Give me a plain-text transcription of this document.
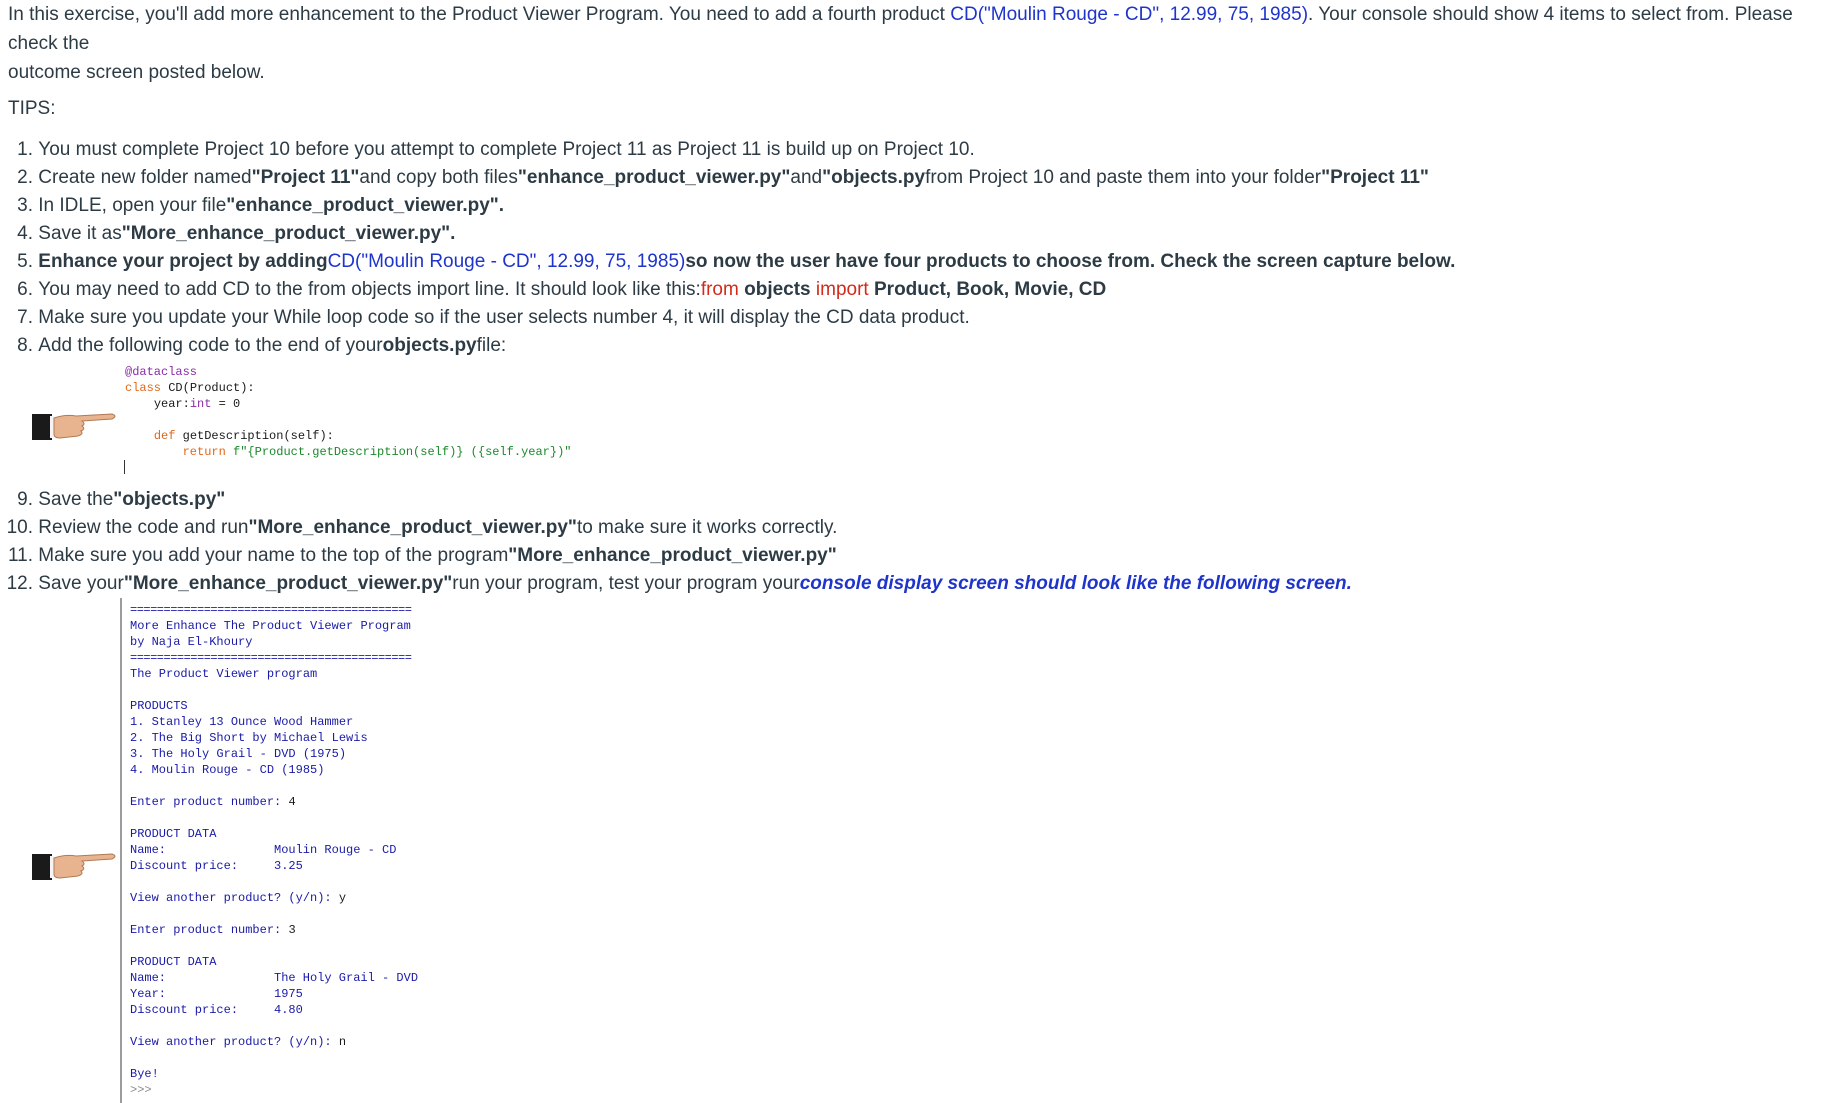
In this exercise, you'll add more enhancement to the Product Viewer Program. You need to add a fourth product CD("Moulin Rouge - CD", 12.99, 75, 1985). Your console should show 4 items to select from. Please check the
outcome screen posted below.

TIPS:

1.
You must complete Project 10 before you attempt to complete Project 11 as Project 11 is build up on Project 10.
2.
Create new folder named "Project 11" and copy both files "enhance_product_viewer.py" and "objects.py from Project 10 and paste them into your folder "Project 11"
3.
In IDLE, open your file "enhance_product_viewer.py".
4.
Save it as "More_enhance_product_viewer.py".
5.
Enhance your project by adding CD("Moulin Rouge - CD", 12.99, 75, 1985) so now the user have four products to choose from. Check the screen capture below.
6.
You may need to add CD to the from objects import line. It should look like this: from
objects
import
Product, Book, Movie, CD
7.
Make sure you update your While loop code so if the user selects number 4, it will display the CD data product.
8.
Add the following code to the end of your objects.py file:
@dataclass
class CD(Product):
year:int = 0

def getDescription(self):
return f"{Product.getDescription(self)} ({self.year})"
9.
Save the "objects.py"
10.
Review the code and run "More_enhance_product_viewer.py" to make sure it works correctly.
11.
Make sure you add your name to the top of the program "More_enhance_product_viewer.py"
12.
Save your "More_enhance_product_viewer.py" run your program, test your program your console display screen should look like the following screen.
==========================================
More Enhance The Product Viewer Program
by Naja El-Khoury
==========================================
The Product Viewer program
PRODUCTS
1. Stanley 13 Ounce Wood Hammer
2. The Big Short by Michael Lewis
3. The Holy Grail - DVD (1975)
4. Moulin Rouge - CD (1985)
Enter product number: 4
PRODUCT DATA
Name:	Moulin Rouge - CD
Discount price:	3.25
View another product? (y/n): y
Enter product number: 3
PRODUCT DATA
Name:	The Holy Grail - DVD
Year:	1975
Discount price:	4.80
View another product? (y/n): n
Bye!
>>>
